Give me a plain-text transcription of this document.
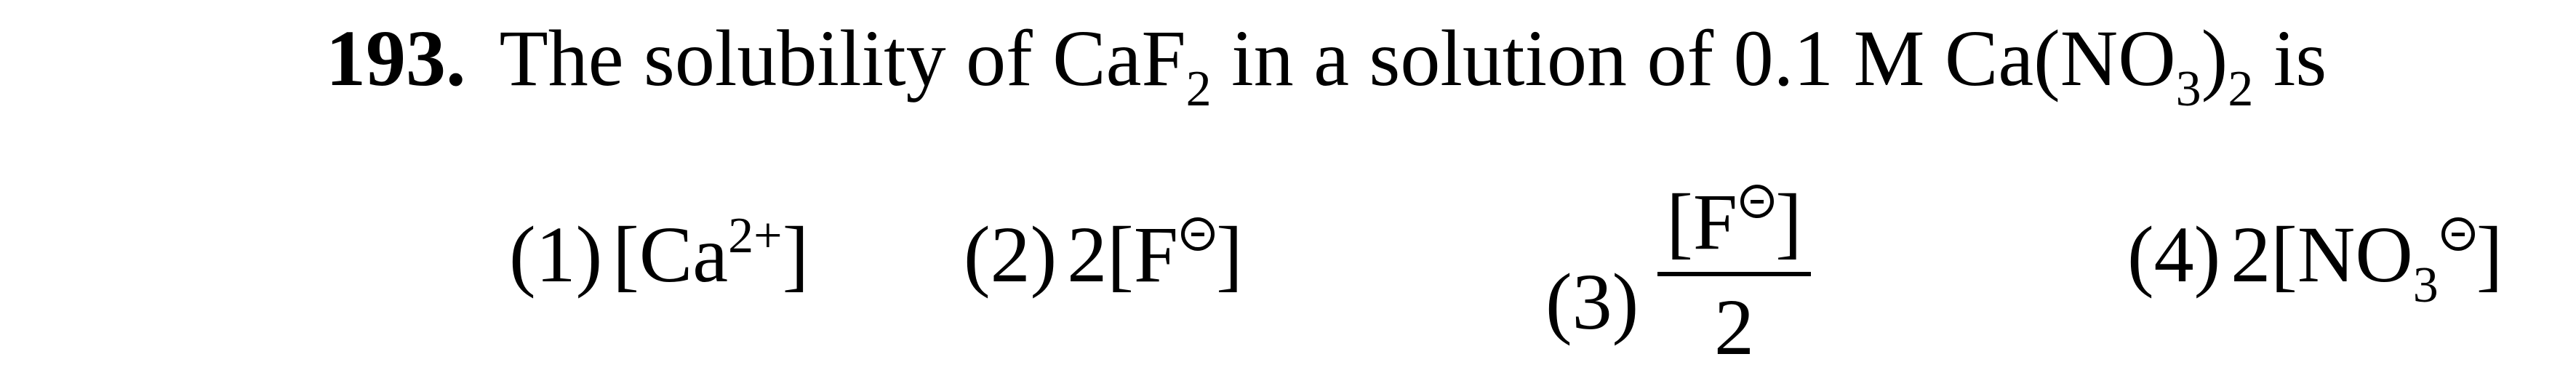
193. The solubility of CaF$_2$ in a solution of 0.1 M $Ca(NO_3)_2$ is
(1) $[Ca^{2+}]$ (2) 2[F ]
(3)
[F ]
2
(4) $2[NO_3$ ]
